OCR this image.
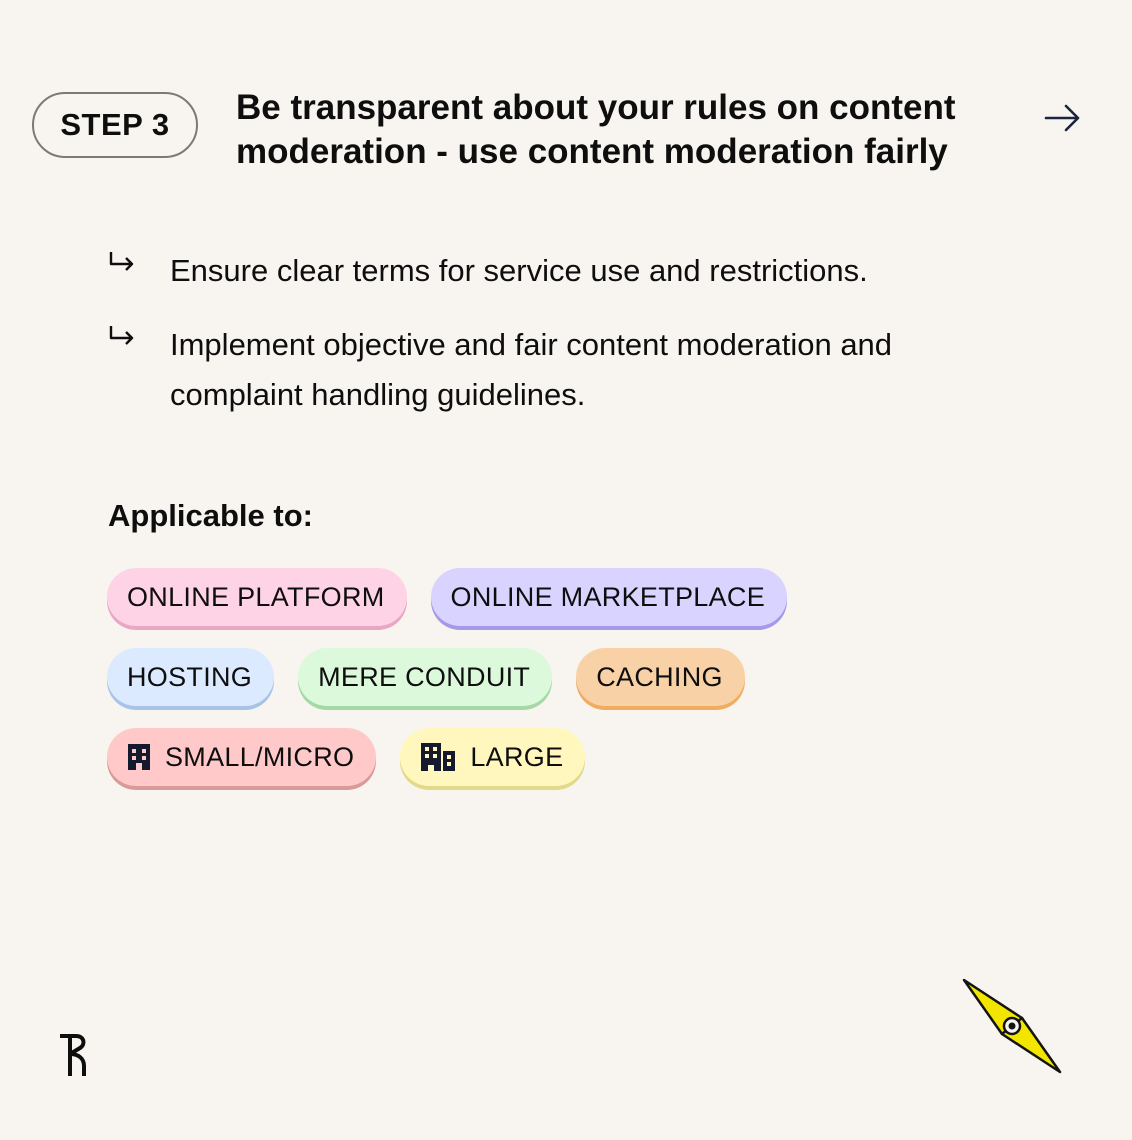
STEP 3 Be transparent about your rules on content
moderation - use content moderation fairly
Ensure clear terms for service use and restrictions.
Implement objective and fair content moderation and complaint handling guidelines.
Applicable to:
ONLINE PLATFORM ONLINE MARKETPLACE
HOSTING MERE CONDUIT CACHING
SMALL/MICRO	LARGE
